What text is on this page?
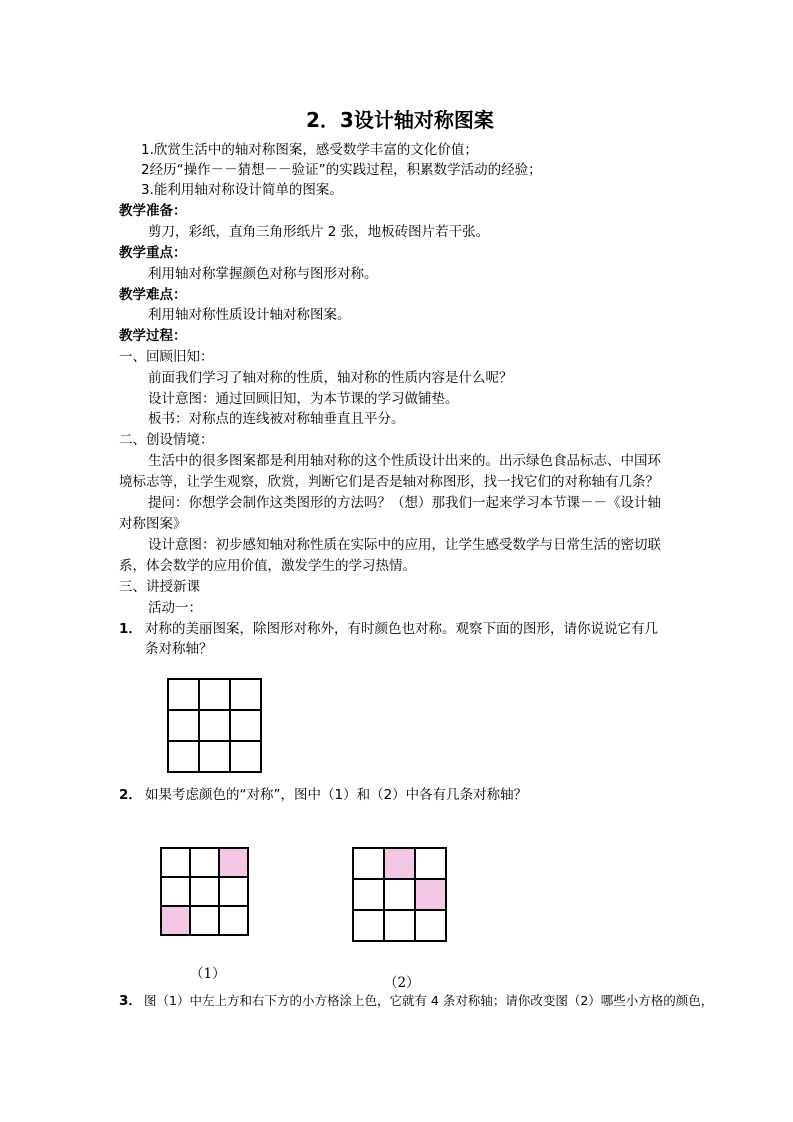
2．3设计轴对称图案
1.欣赏生活中的轴对称图案，感受数学丰富的文化价值；
2经历“操作－－猜想－－验证”的实践过程，积累数学活动的经验；
3.能利用轴对称设计简单的图案。
教学准备：
剪刀，彩纸，直角三角形纸片 2 张，地板砖图片若干张。
教学重点：
利用轴对称掌握颜色对称与图形对称。
教学难点：
利用轴对称性质设计轴对称图案。
教学过程：
一、回顾旧知：
前面我们学习了轴对称的性质，轴对称的性质内容是什么呢？
设计意图：通过回顾旧知，为本节课的学习做铺垫。
板书：对称点的连线被对称轴垂直且平分。
二、创设情境：
生活中的很多图案都是利用轴对称的这个性质设计出来的。出示绿色食品标志、中国环
境标志等，让学生观察，欣赏，判断它们是否是轴对称图形，找一找它们的对称轴有几条？
提问：你想学会制作这类图形的方法吗？（想）那我们一起来学习本节课－－《设计轴
对称图案》
设计意图：初步感知轴对称性质在实际中的应用，让学生感受数学与日常生活的密切联
系，体会数学的应用价值，激发学生的学习热情。
三、讲授新课
活动一：
1． 对称的美丽图案，除图形对称外，有时颜色也对称。观察下面的图形，请你说说它有几
条对称轴？

2． 如果考虑颜色的“对称”，图中（1）和（2）中各有几条对称轴？

（1）
（2）
3． 图（1）中左上方和右下方的小方格涂上色，它就有 4 条对称轴；请你改变图（2）哪些小方格的颜色，
